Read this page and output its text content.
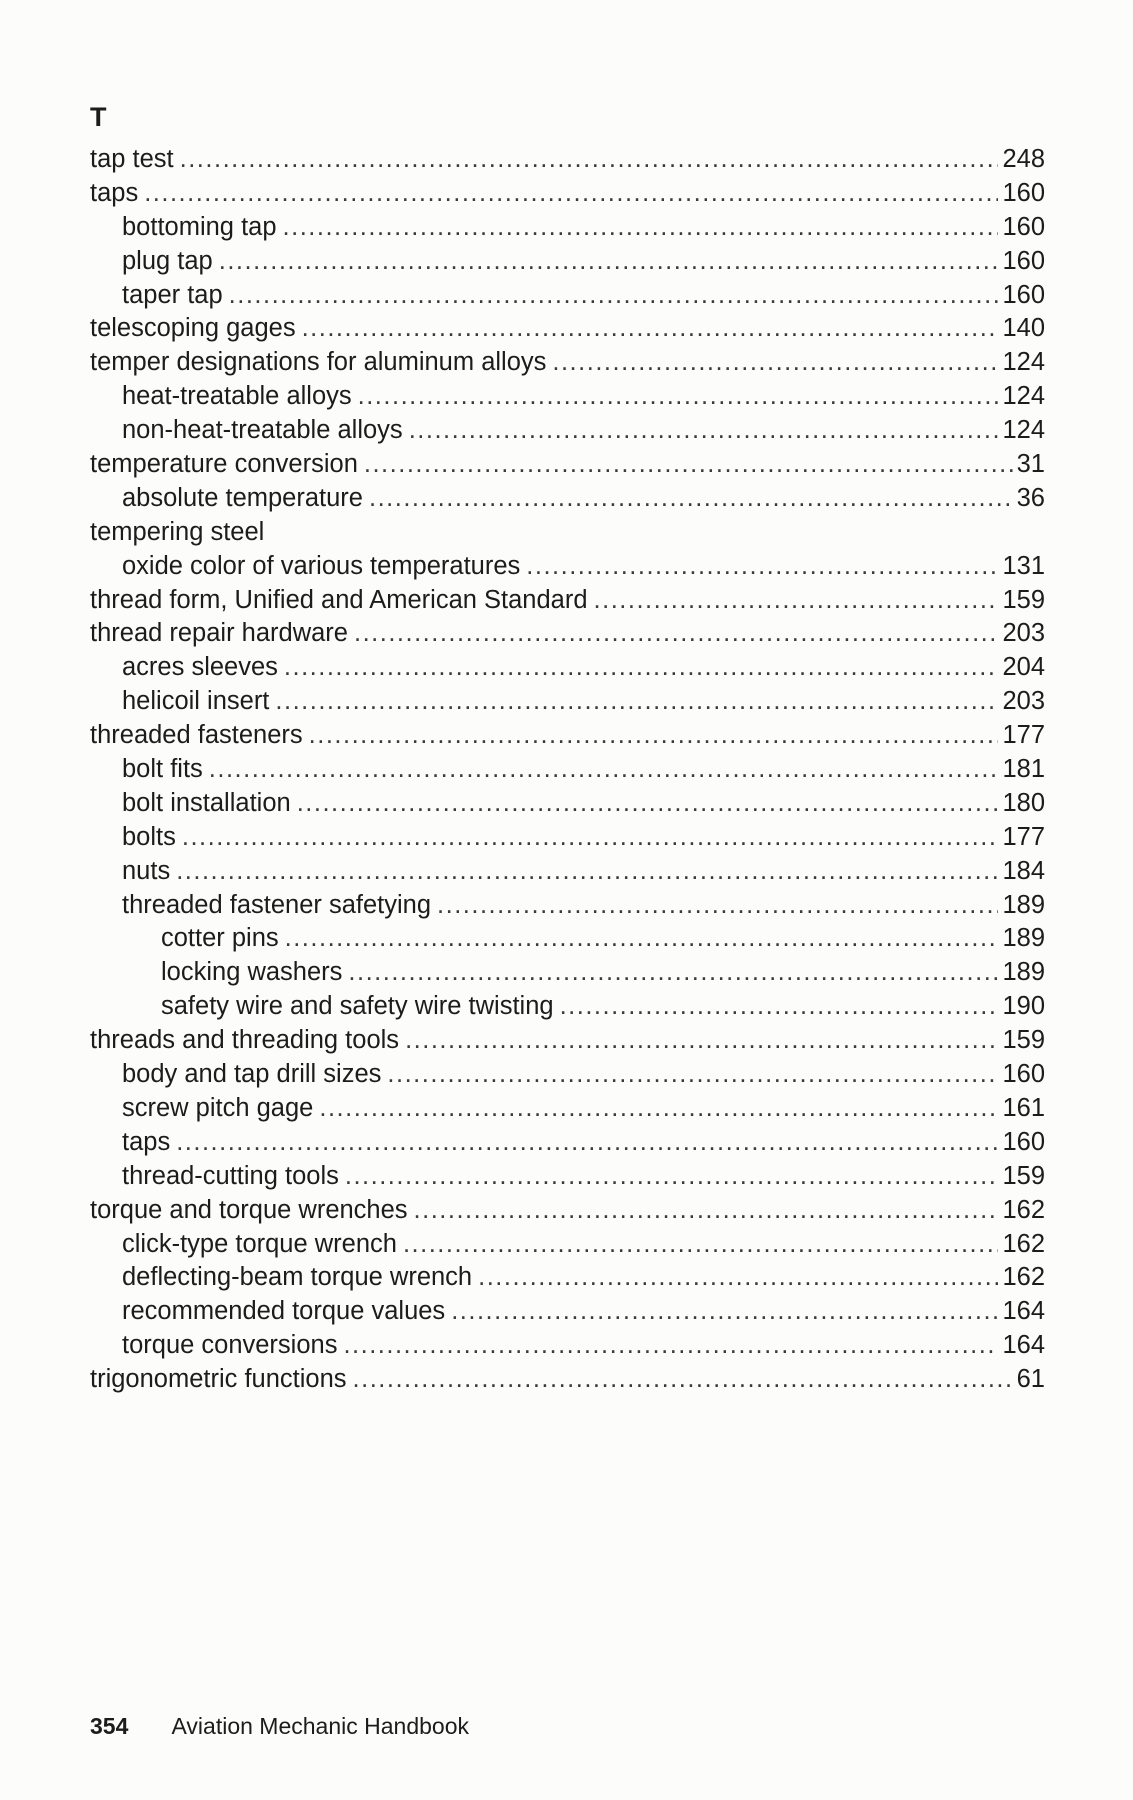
T
tap test .....	248
taps .....	160
bottoming tap .....	160
plug tap .....	160
taper tap .....	160
telescoping gages .....	140
temper designations for aluminum alloys .....	124
heat-treatable alloys .....	124
non-heat-treatable alloys .....	124
temperature conversion .....	31
absolute temperature .....	36
tempering steel
oxide color of various temperatures .....	131
thread form, Unified and American Standard .....	159
thread repair hardware .....	203
acres sleeves .....	204
helicoil insert .....	203
threaded fasteners .....	177
bolt fits .....	181
bolt installation .....	180
bolts .....	177
nuts .....	184
threaded fastener safetying .....	189
cotter pins .....	189
locking washers .....	189
safety wire and safety wire twisting .....	190
threads and threading tools .....	159
body and tap drill sizes .....	160
screw pitch gage .....	161
taps .....	160
thread-cutting tools .....	159
torque and torque wrenches .....	162
click-type torque wrench .....	162
deflecting-beam torque wrench .....	162
recommended torque values .....	164
torque conversions .....	164
trigonometric functions .....	61
354 Aviation Mechanic Handbook
